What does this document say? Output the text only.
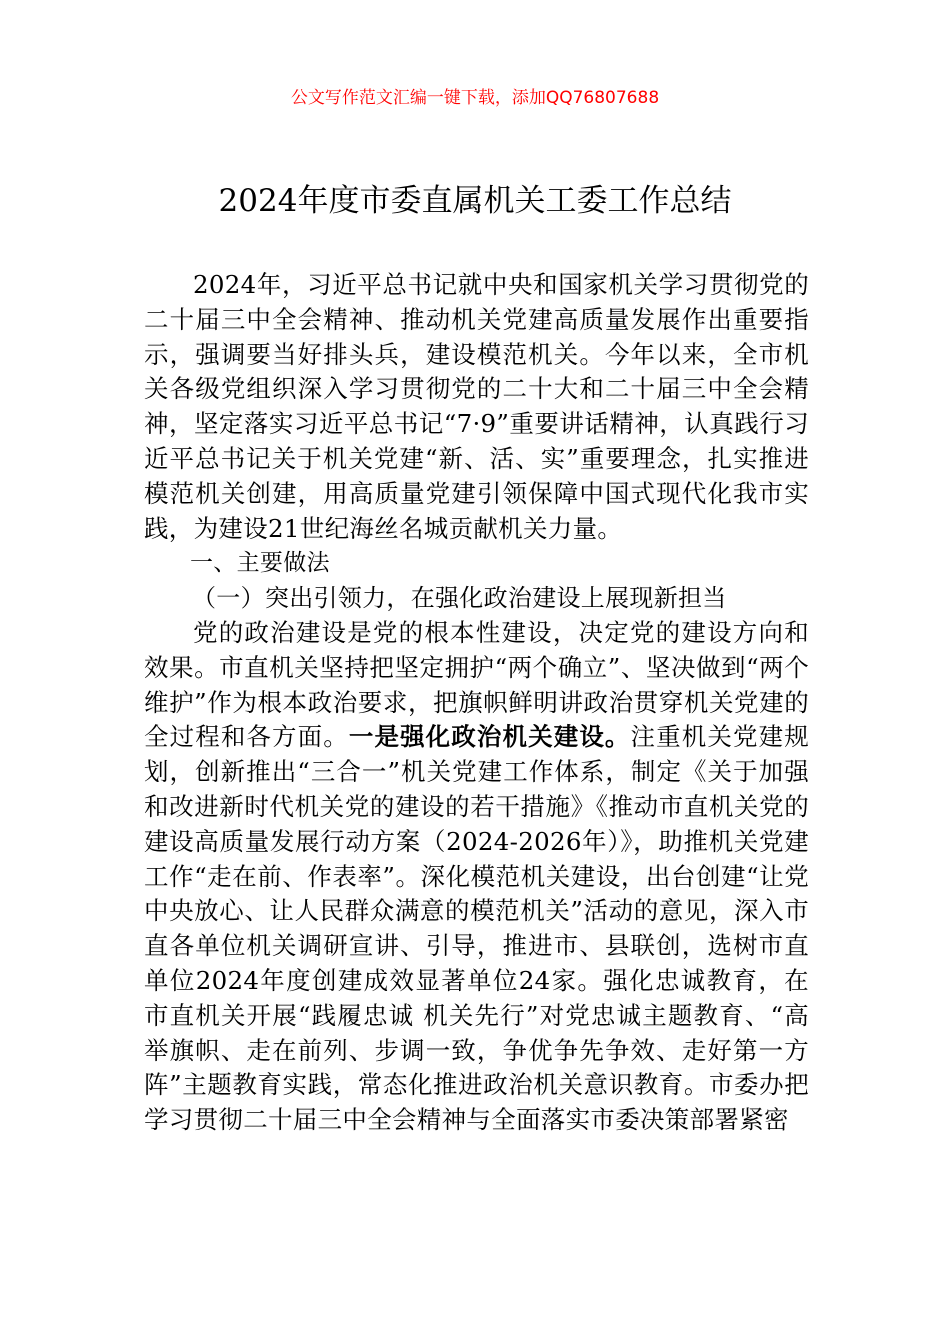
公文写作范文汇编一键下载，添加QQ76807688
2024年度市委直属机关工委工作总结

2024年，习近平总书记就中央和国家机关学习贯彻党的二十届三中全会精神、推动机关党建高质量发展作出重要指示，强调要当好排头兵，建设模范机关。今年以来，全市机关各级党组织深入学习贯彻党的二十大和二十届三中全会精神，坚定落实习近平总书记“7·9”重要讲话精神，认真践行习近平总书记关于机关党建“新、活、实”重要理念，扎实推进模范机关创建，用高质量党建引领保障中国式现代化我市实践，为建设21世纪海丝名城贡献机关力量。

一、主要做法
（一）突出引领力，在强化政治建设上展现新担当

党的政治建设是党的根本性建设，决定党的建设方向和效果。市直机关坚持把坚定拥护“两个确立”、坚决做到“两个维护”作为根本政治要求，把旗帜鲜明讲政治贯穿机关党建的全过程和各方面。一是强化政治机关建设。注重机关党建规划，创新推出“三合一”机关党建工作体系，制定《关于加强和改进新时代机关党的建设的若干措施》《推动市直机关党的建设高质量发展行动方案（2024-2026年）》，助推机关党建工作“走在前、作表率”。深化模范机关建设，出台创建“让党中央放心、让人民群众满意的模范机关”活动的意见，深入市直各单位机关调研宣讲、引导，推进市、县联创，选树市直单位2024年度创建成效显著单位24家。强化忠诚教育，在市直机关开展“践履忠诚 机关先行”对党忠诚主题教育、“高举旗帜、走在前列、步调一致，争优争先争效、走好第一方阵”主题教育实践，常态化推进政治机关意识教育。市委办把学习贯彻二十届三中全会精神与全面落实市委决策部署紧密
